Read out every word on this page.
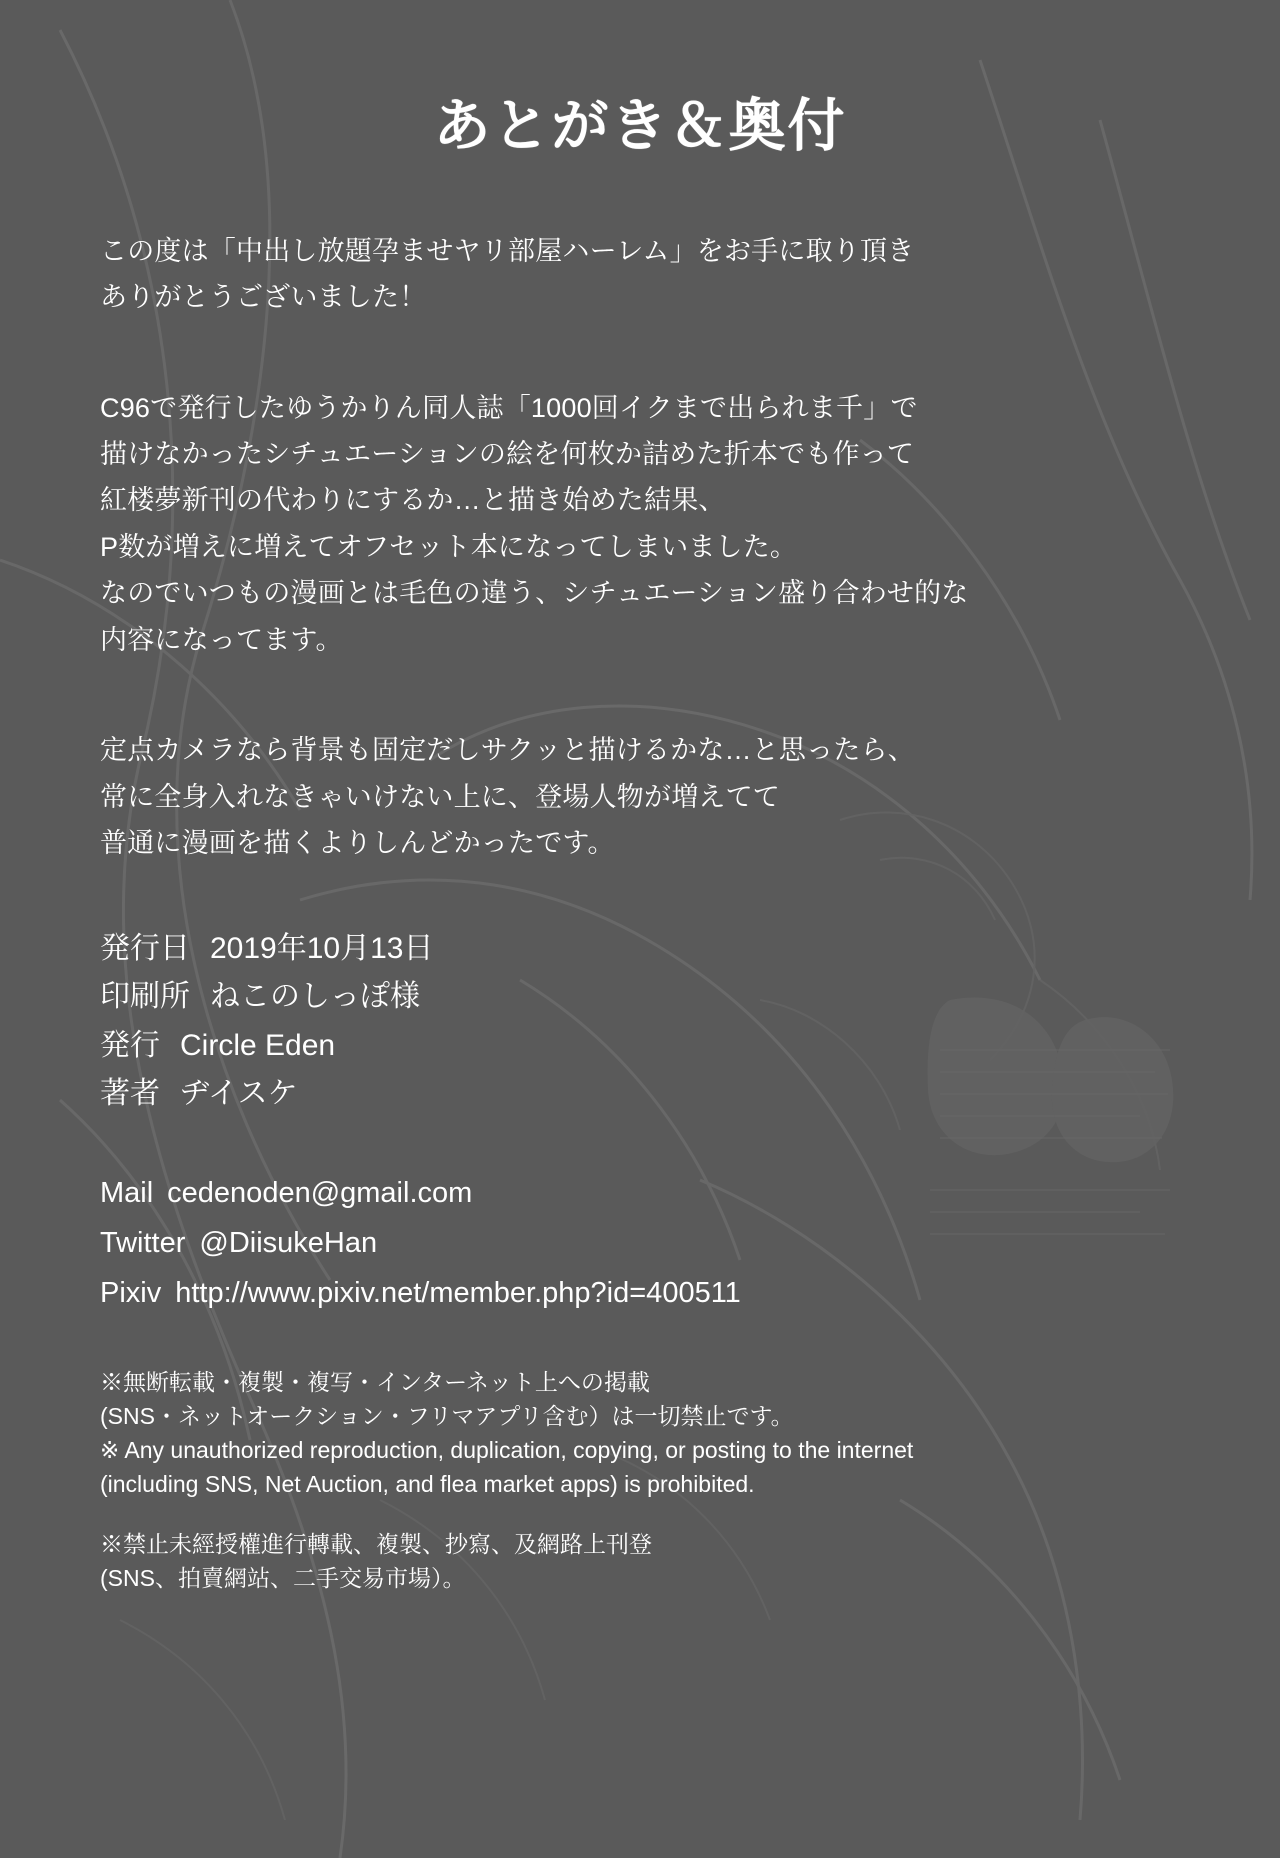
あとがき＆奥付
この度は「中出し放題孕ませヤリ部屋ハーレム」をお手に取り頂き
ありがとうございました！
C96で発行したゆうかりん同人誌「1000回イクまで出られま千」で
描けなかったシチュエーションの絵を何枚か詰めた折本でも作って
紅楼夢新刊の代わりにするか…と描き始めた結果、
P数が増えに増えてオフセット本になってしまいました。
なのでいつもの漫画とは毛色の違う、シチュエーション盛り合わせ的な
内容になってます。
定点カメラなら背景も固定だしサクッと描けるかな…と思ったら、
常に全身入れなきゃいけない上に、登場人物が増えてて
普通に漫画を描くよりしんどかったです。
発行日 2019年10月13日
印刷所 ねこのしっぽ様
発行 Circle Eden
著者 ヂイスケ
Mail cedenoden@gmail.com
Twitter @DiisukeHan
Pixiv http://www.pixiv.net/member.php?id=400511
※無断転載・複製・複写・インターネット上への掲載
(SNS・ネットオークション・フリマアプリ含む）は一切禁止です。
※ Any unauthorized reproduction, duplication, copying, or posting to the internet
(including SNS, Net Auction, and flea market apps) is prohibited.
※禁止未經授權進行轉載、複製、抄寫、及網路上刊登
(SNS、拍賣網站、二手交易市場）。
